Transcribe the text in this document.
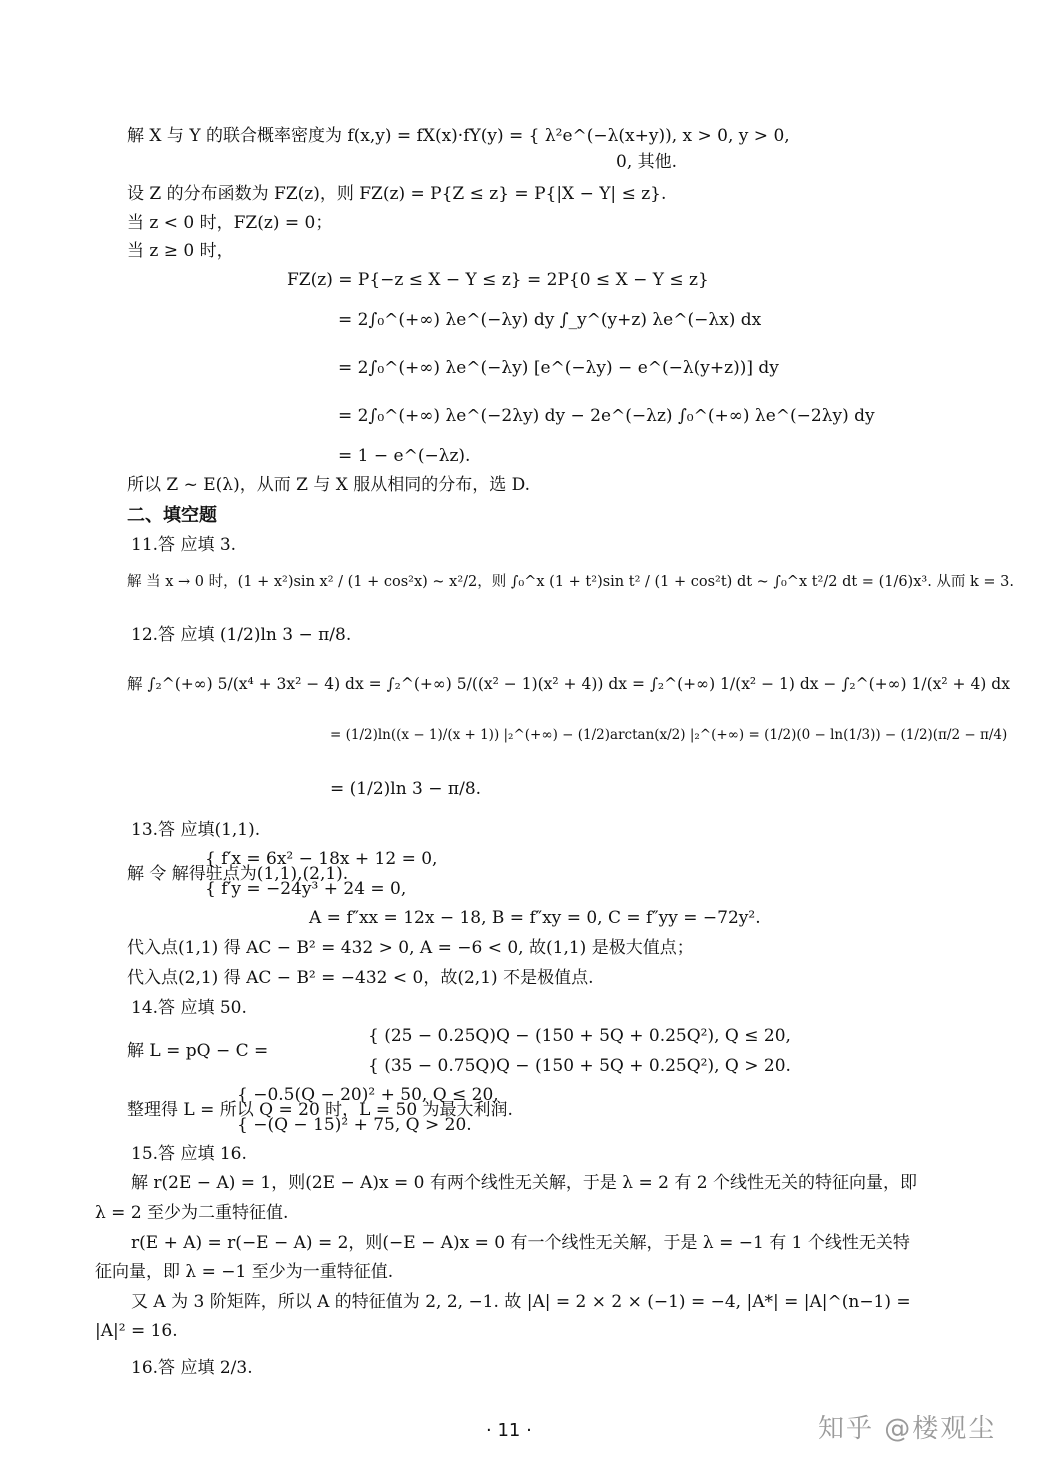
解 X 与 Y 的联合概率密度为 f(x,y) = fX(x)·fY(y) = { λ²e^(−λ(x+y)), x > 0, y > 0,
0, 其他.
设 Z 的分布函数为 FZ(z)，则 FZ(z) = P{Z ≤ z} = P{|X − Y| ≤ z}.
当 z < 0 时，FZ(z) = 0；
当 z ≥ 0 时，
FZ(z) = P{−z ≤ X − Y ≤ z} = 2P{0 ≤ X − Y ≤ z}
= 2∫₀^(+∞) λe^(−λy) dy ∫_y^(y+z) λe^(−λx) dx
= 2∫₀^(+∞) λe^(−λy) [e^(−λy) − e^(−λ(y+z))] dy
= 2∫₀^(+∞) λe^(−2λy) dy − 2e^(−λz) ∫₀^(+∞) λe^(−2λy) dy
= 1 − e^(−λz).
所以 Z ~ E(λ)，从而 Z 与 X 服从相同的分布，选 D.
二、填空题
11.答 应填 3.
解 当 x → 0 时，(1 + x²)sin x² / (1 + cos²x) ~ x²/2，则 ∫₀^x (1 + t²)sin t² / (1 + cos²t) dt ~ ∫₀^x t²/2 dt = (1/6)x³. 从而 k = 3.
12.答 应填 (1/2)ln 3 − π/8.
解 ∫₂^(+∞) 5/(x⁴ + 3x² − 4) dx = ∫₂^(+∞) 5/((x² − 1)(x² + 4)) dx = ∫₂^(+∞) 1/(x² − 1) dx − ∫₂^(+∞) 1/(x² + 4) dx
= (1/2)ln((x − 1)/(x + 1)) |₂^(+∞) − (1/2)arctan(x/2) |₂^(+∞) = (1/2)(0 − ln(1/3)) − (1/2)(π/2 − π/4)
= (1/2)ln 3 − π/8.
13.答 应填(1,1).
{ f′x = 6x² − 18x + 12 = 0,
解 令 解得驻点为(1,1),(2,1).
{ f′y = −24y³ + 24 = 0,
A = f″xx = 12x − 18, B = f″xy = 0, C = f″yy = −72y².
代入点(1,1) 得 AC − B² = 432 > 0, A = −6 < 0, 故(1,1) 是极大值点；
代入点(2,1) 得 AC − B² = −432 < 0，故(2,1) 不是极值点.
14.答 应填 50.
{ (25 − 0.25Q)Q − (150 + 5Q + 0.25Q²), Q ≤ 20,
解 L = pQ − C =
{ (35 − 0.75Q)Q − (150 + 5Q + 0.25Q²), Q > 20.
{ −0.5(Q − 20)² + 50, Q ≤ 20,
整理得 L = 所以 Q = 20 时，L = 50 为最大利润.
{ −(Q − 15)² + 75, Q > 20.
15.答 应填 16.
解 r(2E − A) = 1，则(2E − A)x = 0 有两个线性无关解，于是 λ = 2 有 2 个线性无关的特征向量，即
λ = 2 至少为二重特征值.
r(E + A) = r(−E − A) = 2，则(−E − A)x = 0 有一个线性无关解，于是 λ = −1 有 1 个线性无关特
征向量，即 λ = −1 至少为一重特征值.
又 A 为 3 阶矩阵，所以 A 的特征值为 2, 2, −1. 故 |A| = 2 × 2 × (−1) = −4, |A*| = |A|^(n−1) =
|A|² = 16.
16.答 应填 2/3.
· 11 ·	知乎 @楼观尘
